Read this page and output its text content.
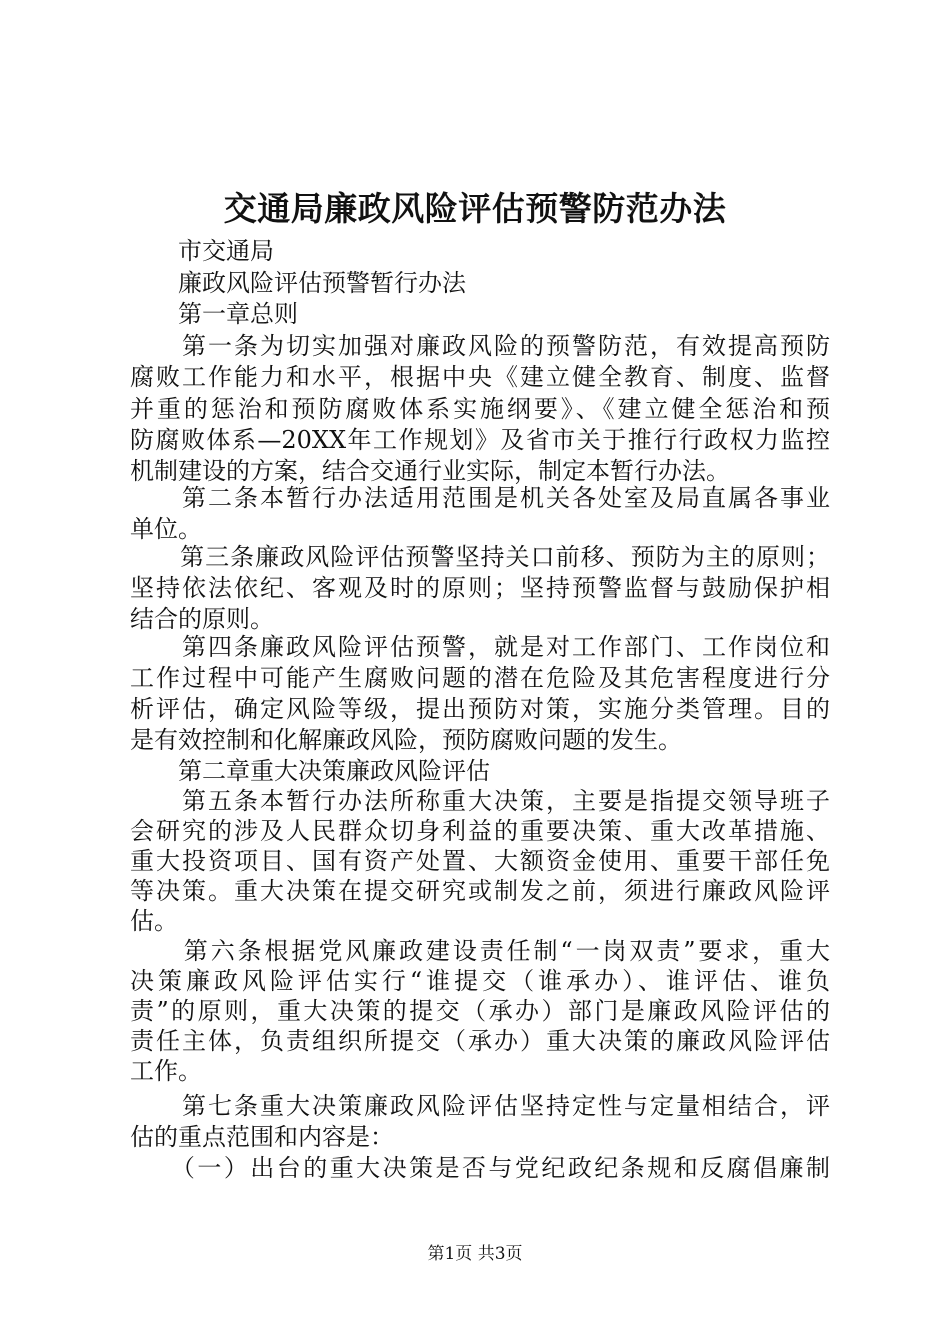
交通局廉政风险评估预警防范办法
　　市交通局
　　廉政风险评估预警暂行办法
　　第一章总则
　　第一条为切实加强对廉政风险的预警防范，有效提高预防
腐败工作能力和水平，根据中央《建立健全教育、制度、监督
并重的惩治和预防腐败体系实施纲要》、《建立健全惩治和预
防腐败体系—20XX年工作规划》及省市关于推行行政权力监控
机制建设的方案，结合交通行业实际，制定本暂行办法。
　　第二条本暂行办法适用范围是机关各处室及局直属各事业
单位。
　　第三条廉政风险评估预警坚持关口前移、预防为主的原则；
坚持依法依纪、客观及时的原则；坚持预警监督与鼓励保护相
结合的原则。
　　第四条廉政风险评估预警，就是对工作部门、工作岗位和
工作过程中可能产生腐败问题的潜在危险及其危害程度进行分
析评估，确定风险等级，提出预防对策，实施分类管理。目的
是有效控制和化解廉政风险，预防腐败问题的发生。
　　第二章重大决策廉政风险评估
　　第五条本暂行办法所称重大决策，主要是指提交领导班子
会研究的涉及人民群众切身利益的重要决策、重大改革措施、
重大投资项目、国有资产处置、大额资金使用、重要干部任免
等决策。重大决策在提交研究或制发之前，须进行廉政风险评
估。
　　第六条根据党风廉政建设责任制“一岗双责”要求，重大
决策廉政风险评估实行“谁提交（谁承办）、谁评估、谁负
责”的原则，重大决策的提交（承办）部门是廉政风险评估的
责任主体，负责组织所提交（承办）重大决策的廉政风险评估
工作。
　　第七条重大决策廉政风险评估坚持定性与定量相结合，评
估的重点范围和内容是：
　　（一）出台的重大决策是否与党纪政纪条规和反腐倡廉制
第1页 共3页
